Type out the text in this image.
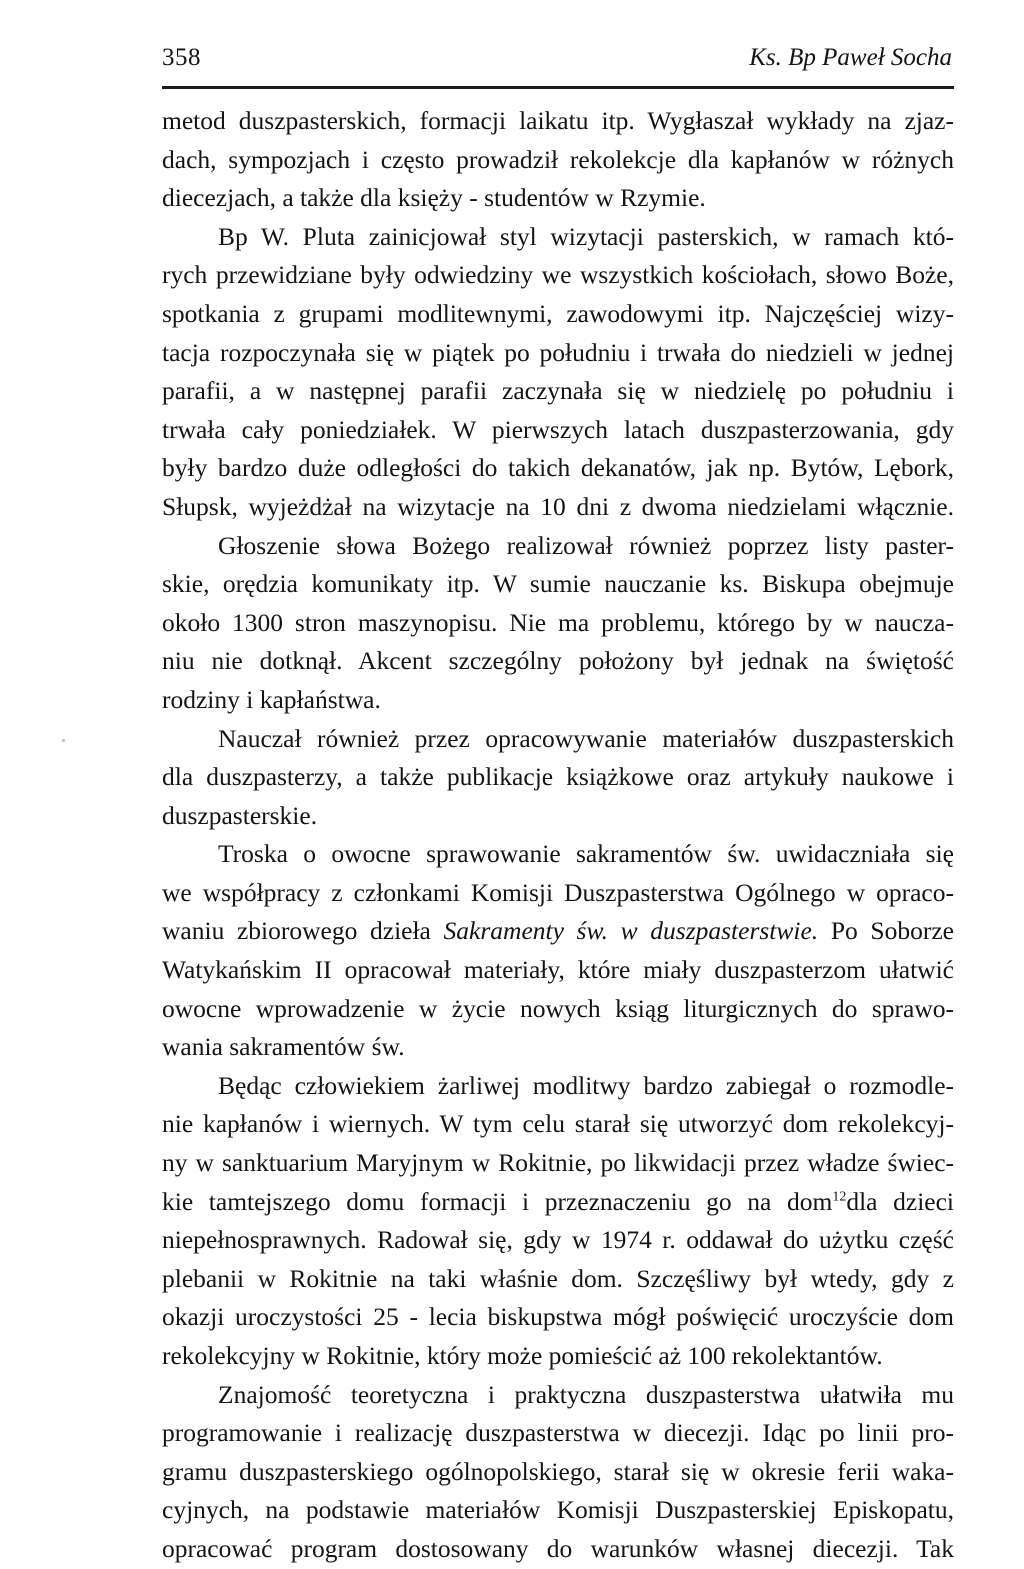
358	Ks. Bp Paweł Socha
metod duszpasterskich, formacji laikatu itp. Wygłaszał wykłady na zjaz-
dach, sympozjach i często prowadził rekolekcje dla kapłanów w różnych
diecezjach, a także dla księży - studentów w Rzymie.
Bp W. Pluta zainicjował styl wizytacji pasterskich, w ramach któ-
rych przewidziane były odwiedziny we wszystkich kościołach, słowo Boże,
spotkania z grupami modlitewnymi, zawodowymi itp. Najczęściej wizy-
tacja rozpoczynała się w piątek po południu i trwała do niedzieli w jednej
parafii, a w następnej parafii zaczynała się w niedzielę po południu i
trwała cały poniedziałek. W pierwszych latach duszpasterzowania, gdy
były bardzo duże odległości do takich dekanatów, jak np. Bytów, Lębork,
Słupsk, wyjeżdżał na wizytacje na 10 dni z dwoma niedzielami włącznie.
Głoszenie słowa Bożego realizował również poprzez listy paster-
skie, orędzia komunikaty itp. W sumie nauczanie ks. Biskupa obejmuje
około 1300 stron maszynopisu. Nie ma problemu, którego by w naucza-
niu nie dotknął. Akcent szczególny położony był jednak na świętość
rodziny i kapłaństwa.
Nauczał również przez opracowywanie materiałów duszpasterskich
dla duszpasterzy, a także publikacje książkowe oraz artykuły naukowe i
duszpasterskie.
Troska o owocne sprawowanie sakramentów św. uwidaczniała się
we współpracy z członkami Komisji Duszpasterstwa Ogólnego w opraco-
waniu zbiorowego dzieła Sakramenty św. w duszpasterstwie. Po Soborze
Watykańskim II opracował materiały, które miały duszpasterzom ułatwić
owocne wprowadzenie w życie nowych ksiąg liturgicznych do sprawo-
wania sakramentów św.
Będąc człowiekiem żarliwej modlitwy bardzo zabiegał o rozmodle-
nie kapłanów i wiernych. W tym celu starał się utworzyć dom rekolekcyj-
ny w sanktuarium Maryjnym w Rokitnie, po likwidacji przez władze świec-
kie tamtejszego domu formacji i przeznaczeniu go na dom$^{12}$dla dzieci
niepełnosprawnych. Radował się, gdy w 1974 r. oddawał do użytku część
plebanii w Rokitnie na taki właśnie dom. Szczęśliwy był wtedy, gdy z
okazji uroczystości 25 - lecia biskupstwa mógł poświęcić uroczyście dom
rekolekcyjny w Rokitnie, który może pomieścić aż 100 rekolektantów.
Znajomość teoretyczna i praktyczna duszpasterstwa ułatwiła mu
programowanie i realizację duszpasterstwa w diecezji. Idąc po linii pro-
gramu duszpasterskiego ogólnopolskiego, starał się w okresie ferii waka-
cyjnych, na podstawie materiałów Komisji Duszpasterskiej Episkopatu,
opracować program dostosowany do warunków własnej diecezji. Tak
